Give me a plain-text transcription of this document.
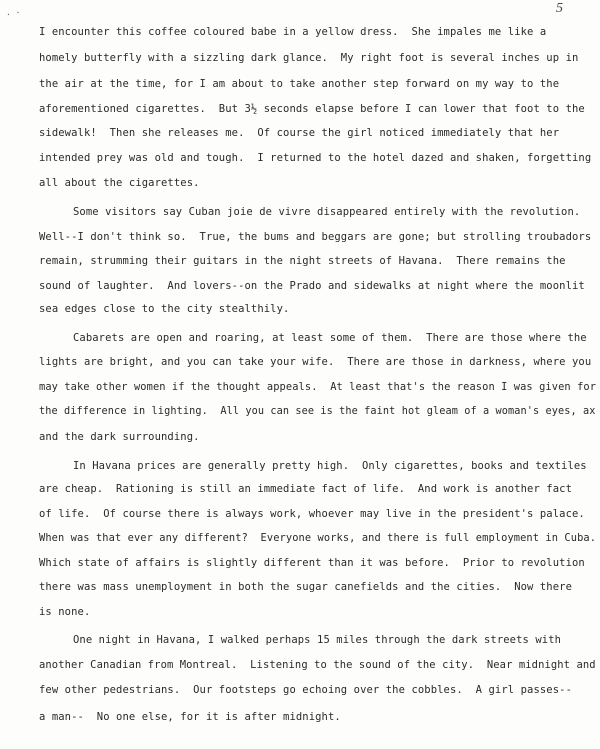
5
. ·
I encounter this coffee coloured babe in a yellow dress.  She impales me like a
homely butterfly with a sizzling dark glance.  My right foot is several inches up in
the air at the time, for I am about to take another step forward on my way to the
aforementioned cigarettes.  But 3½ seconds elapse before I can lower that foot to the
sidewalk!  Then she releases me.  Of course the girl noticed immediately that her
intended prey was old and tough.  I returned to the hotel dazed and shaken, forgetting
all about the cigarettes.
Some visitors say Cuban joie de vivre disappeared entirely with the revolution.
Well--I don't think so.  True, the bums and beggars are gone; but strolling troubadors
remain, strumming their guitars in the night streets of Havana.  There remains the
sound of laughter.  And lovers--on the Prado and sidewalks at night where the moonlit
sea edges close to the city stealthily.
Cabarets are open and roaring, at least some of them.  There are those where the
lights are bright, and you can take your wife.  There are those in darkness, where you
may take other women if the thought appeals.  At least that's the reason I was given for
the difference in lighting.  All you can see is the faint hot gleam of a woman's eyes, ax
and the dark surrounding.
In Havana prices are generally pretty high.  Only cigarettes, books and textiles
are cheap.  Rationing is still an immediate fact of life.  And work is another fact
of life.  Of course there is always work, whoever may live in the president's palace.
When was that ever any different?  Everyone works, and there is full employment in Cuba.
Which state of affairs is slightly different than it was before.  Prior to revolution
there was mass unemployment in both the sugar canefields and the cities.  Now there
is none.
One night in Havana, I walked perhaps 15 miles through the dark streets with
another Canadian from Montreal.  Listening to the sound of the city.  Near midnight and
few other pedestrians.  Our footsteps go echoing over the cobbles.  A girl passes--
a man--  No one else, for it is after midnight.
